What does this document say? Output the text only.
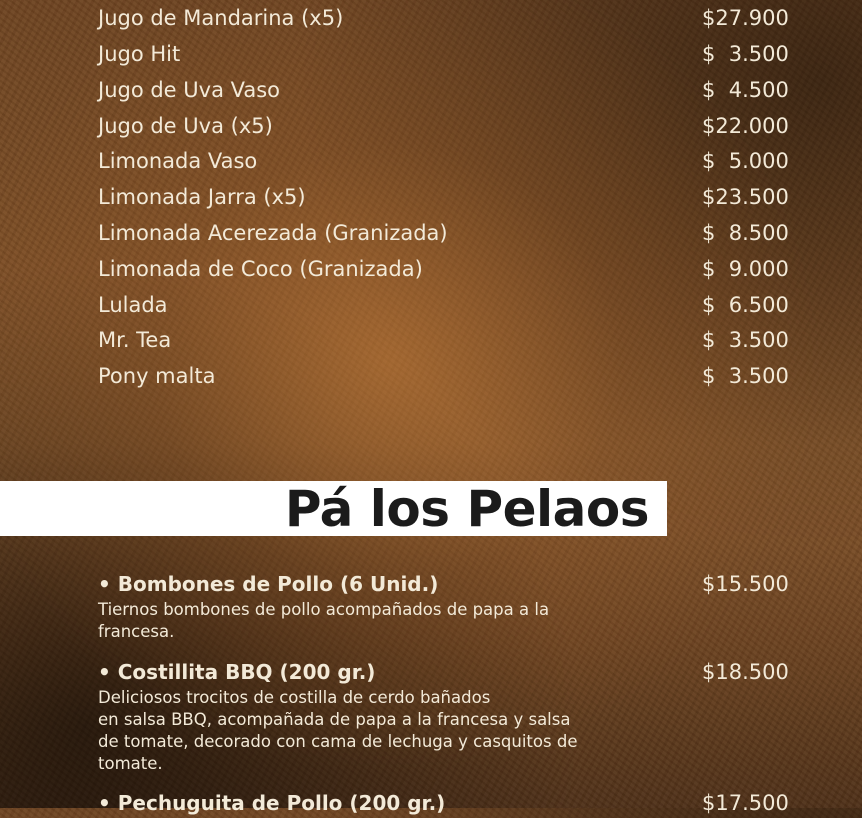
Jugo de Mandarina (x5)	$27.900
Jugo Hit	$  3.500
Jugo de Uva Vaso	$  4.500
Jugo de Uva (x5)	$22.000
Limonada Vaso	$  5.000
Limonada Jarra (x5)	$23.500
Limonada Acerezada (Granizada)	$  8.500
Limonada de Coco (Granizada)	$  9.000
Lulada	$  6.500
Mr. Tea	$  3.500
Pony malta	$  3.500
Pá los Pelaos
• Bombones de Pollo (6 Unid.)	$15.500
Tiernos bombones de pollo acompañados de papa a la
francesa.
• Costillita BBQ (200 gr.)	$18.500
Deliciosos trocitos de costilla de cerdo bañados
en salsa BBQ, acompañada de papa a la francesa y salsa
de tomate, decorado con cama de lechuga y casquitos de
tomate.
• Pechuguita de Pollo (200 gr.)	$17.500
